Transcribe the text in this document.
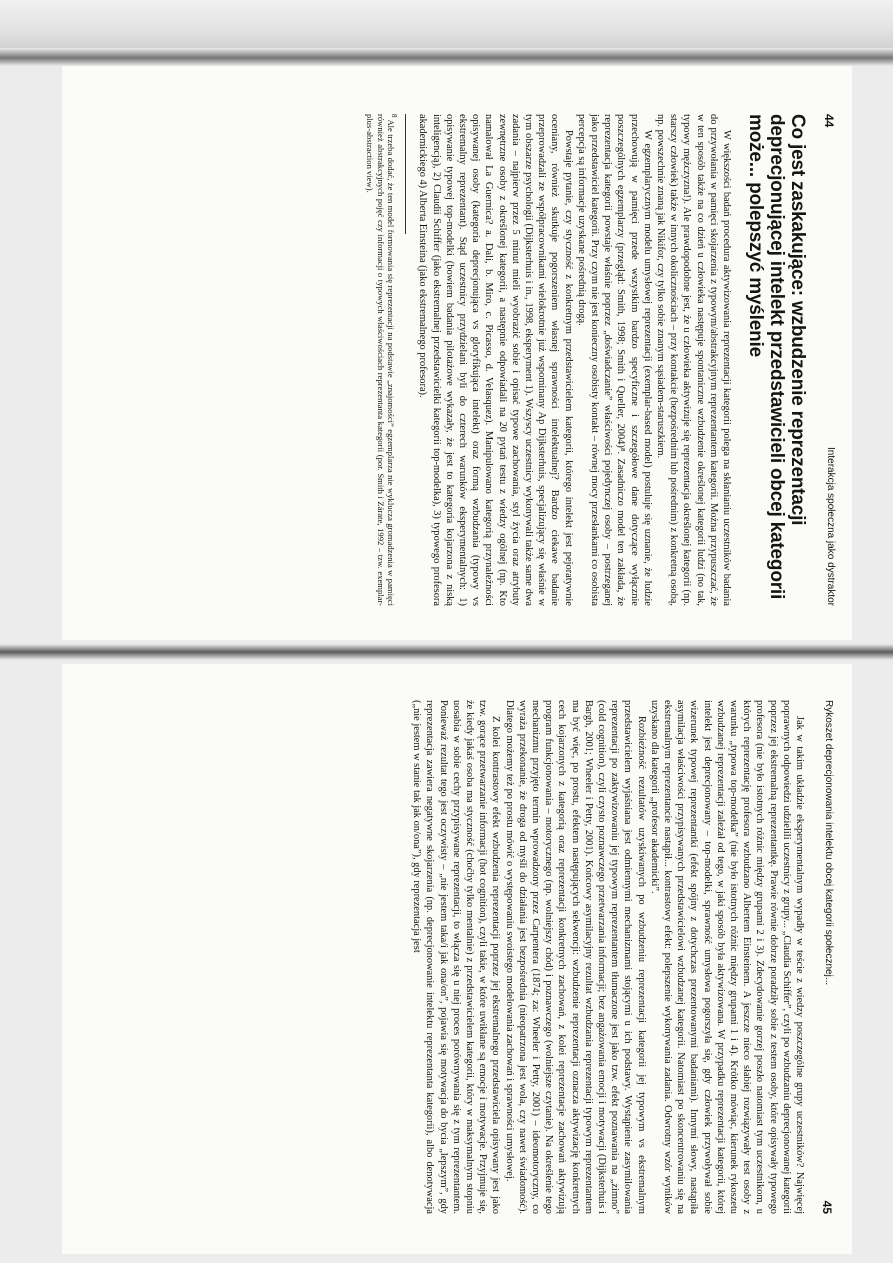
44
Interakcja społeczna jako dystraktor
Co jest zaskakujące: wzbudzenie reprezentacji deprecjonującej intelekt przedstawicieli obcej kategorii może... polepszyć myślenie

W większości badań procedura aktywizowania reprezentacji kategorii polega na skłanianiu uczestników badania do przywołania w pamięci skojarzenia z typowym/abstrakcyjnym reprezentantem kategorii. Można przypuszczać, że w ten sposób także na co dzień u człowieka następuje spontaniczne wzbudzenie określonej kategorii ludzi (no tak, typowy mężczyzna!). Ale prawdopodobne jest, że u człowieka aktywizuje się reprezentacja określonej kategorii (np. starszy człowiek) także w innych okolicznościach – przy kontakcie (bezpośrednim lub pośrednim) z konkretną osobą, np. powszechnie znaną jak Nikifor, czy tylko sobie znanym sąsiadem-staruszkiem.

W egzemplarycznym modelu umysłowej reprezentacji (exemplar-based model) postuluje się uznanie, że ludzie przechowują w pamięci przede wszystkim bardzo specyficzne i szczegółowe dane dotyczące wyłącznie poszczególnych egzemplarzy (przegląd: Smith, 1998; Smith i Queller, 2004)⁸. Zasadniczo model ten zakłada, że reprezentacja kategorii powstaje właśnie poprzez „doświadczanie” właściwości pojedynczej osoby – postrzeganej jako przedstawiciel kategorii. Przy czym nie jest konieczny osobisty kontakt – równej mocy przesłankami co osobista percepcja są informacje uzyskane pośrednią drogą.

Powstaje pytanie, czy styczność z konkretnym przedstawicielem kategorii, którego intelekt jest pejoratywnie oceniany, również skutkuje pogorszeniem własnej sprawności intelektualnej? Bardzo ciekawe badanie przeprowadzali ze współpracownikami wielokrotnie już wspominany Ap Dijksterhuis, specjalizujący się właśnie w tym obszarze psychologii (Dijksterhuis i in., 1998, eksperyment 1). Wszyscy uczestnicy wykonywali także same dwa zadania – najpierw przez 5 minut mieli wyobrazić sobie i opisać typowe zachowania, styl życia oraz atrybuty zewnętrzne osoby z określonej kategorii, a następnie odpowiadali na 20 pytań testu z wiedzy ogólnej (np. Kto namalował La Guernica? a. Dali, b. Miro, c. Picasso, d. Velasquez). Manipulowano kategorią przynależności opisywanej osoby (kategoria deprecjonująca vs gloryfikująca intelekt) oraz formą wzbudzania (typowy vs ekstremalny reprezentant). Stąd uczestnicy przydzielani byli do czterech warunków eksperymentalnych: 1) opisywanie typowej top-modelki (bowiem badania pilotażowe wykazały, że jest to kategoria kojarzona z niską inteligencją), 2) Claudii Schiffer (jako ekstremalnej przedstawicielki kategorii top-modelka), 3) typowego profesora akademickiego 4) Alberta Einsteina (jako ekstremalnego profesora).

$^8$ Ale trzeba dodać, że ten model formowania się reprezentacji na podstawie „znajomości” egzemplarza nie wyklucza gromadzenia w pamięci również abstrakcyjnych pojęć czy informacji o typowych właściwościach reprezentanta kategorii (por. Smith i Zárate, 1992 – tzw. exemplar-plus-abstraction view).
45
Rykoszet deprecjonowania intelektu obcej kategorii społecznej...

Jak w takim układzie eksperymentalnym wypadły w teście z wiedzy poszczególne grupy uczestników? Najwięcej poprawnych odpowiedzi udzielili uczestnicy z grupy... „Claudia Schiffer”, czyli po wzbudzaniu deprecjonowanej kategorii poprzez jej ekstremalną reprezentantkę. Prawie równie dobrze poradziły sobie z testem osoby, które opisywały typowego profesora (nie było istotnych różnic między grupami 2 i 3). Zdecydowanie gorzej poszło natomiast tym uczestnikom, u których reprezentację profesora wzbudzano Albertem Einsteinem. A jeszcze nieco słabiej rozwiązywały test osoby z warunku „typowa top-modelka” (nie było istotnych różnic między grupami 1 i 4). Krótko mówiąc, kierunek rykoszetu wzbudzanej reprezentacji zależał od tego, w jaki sposób była aktywizowana. W przypadku reprezentacji kategorii, której intelekt jest deprecjonowany – top-modelki, sprawność umysłowa pogorszyła się, gdy człowiek przywoływał sobie wizerunek typowej reprezentantki (efekt spójny z dotychczas prezentowanymi badaniami). Innymi słowy, nastąpiła asymilacja właściwości przypisywanych przedstawicielowi wzbudzanej kategorii. Natomiast po skoncentrowaniu się na ekstremalnym reprezentancie nastąpił... kontrastowy efekt: polepszenie wykonywania zadania. Odwrotny wzór wyników uzyskano dla kategorii „profesor akademicki”.

Rozbieżność rezultatów uzyskiwanych po wzbudzeniu reprezentacji kategorii jej typowym vs ekstremalnym przedstawicielem wyjaśniana jest odmiennymi mechanizmami stojącymi u ich podstawy. Wystąpienie zasymilowania reprezentacji po zaktywizowaniu jej typowym reprezentantem tłumaczone jest jako tzw. efekt poznawania na „zimno” (cold cognition), czyli czysto poznawczego przetwarzania informacji; bez angażowania emocji i motywacji (Dijksterhuis i Bargh, 2001; Wheeler i Petty, 2001). Końcowy asymilacyjny rezultat wzbudzania reprezentacji typowym reprezentantem ma być więc, po prostu, efektem następujących sekwencji: wzbudzenie reprezentacji oznacza aktywizację konkretnych cech kojarzonych z kategorią oraz reprezentacji konkretnych zachowań, z kolei reprezentacje zachowań aktywizują program funkcjonowania – motorycznego (np. wolniejszy chód) i poznawczego (wolniejsze czytanie). Na określenie tego mechanizmu przyjęto termin wprowadzony przez Carpentera (1874; za: Wheeler i Petty, 2001) – ideomotoryczny, co wyraża przekonanie, że droga od myśli do działania jest bezpośrednia (nieopatrzona jest wola, czy nawet świadomość). Dlatego możemy też po prostu mówić o występowaniu swoistego modelowania zachowań i sprawności umysłowej.

Z kolei kontrastowy efekt wzbudzenia reprezentacji poprzez jej ekstremalnego przedstawiciela opisywany jest jako tzw. gorące przetwarzanie informacji (hot cognition), czyli takie, w które uwikłane są emocje i motywacje. Przyjmuje się, że kiedy jakaś osoba ma styczność (choćby tylko mentalnie) z przedstawicielem kategorii, który w maksymalnym stopniu uosabia w sobie cechy przypisywane reprezentacji, to włącza się u niej proces porównywania się z tym reprezentantem. Ponieważ rezultat tego jest oczywisty – „nie jestem taka/i jak ona/on”, pojawia się motywacja do bycia „lepszym”, gdy reprezentacja zawiera negatywne skojarzenia (np. deprecjonowanie intelektu reprezentanta kategorii), albo denotywacja („nie jestem w stanie tak jak on/ona”), gdy reprezentacja jest
